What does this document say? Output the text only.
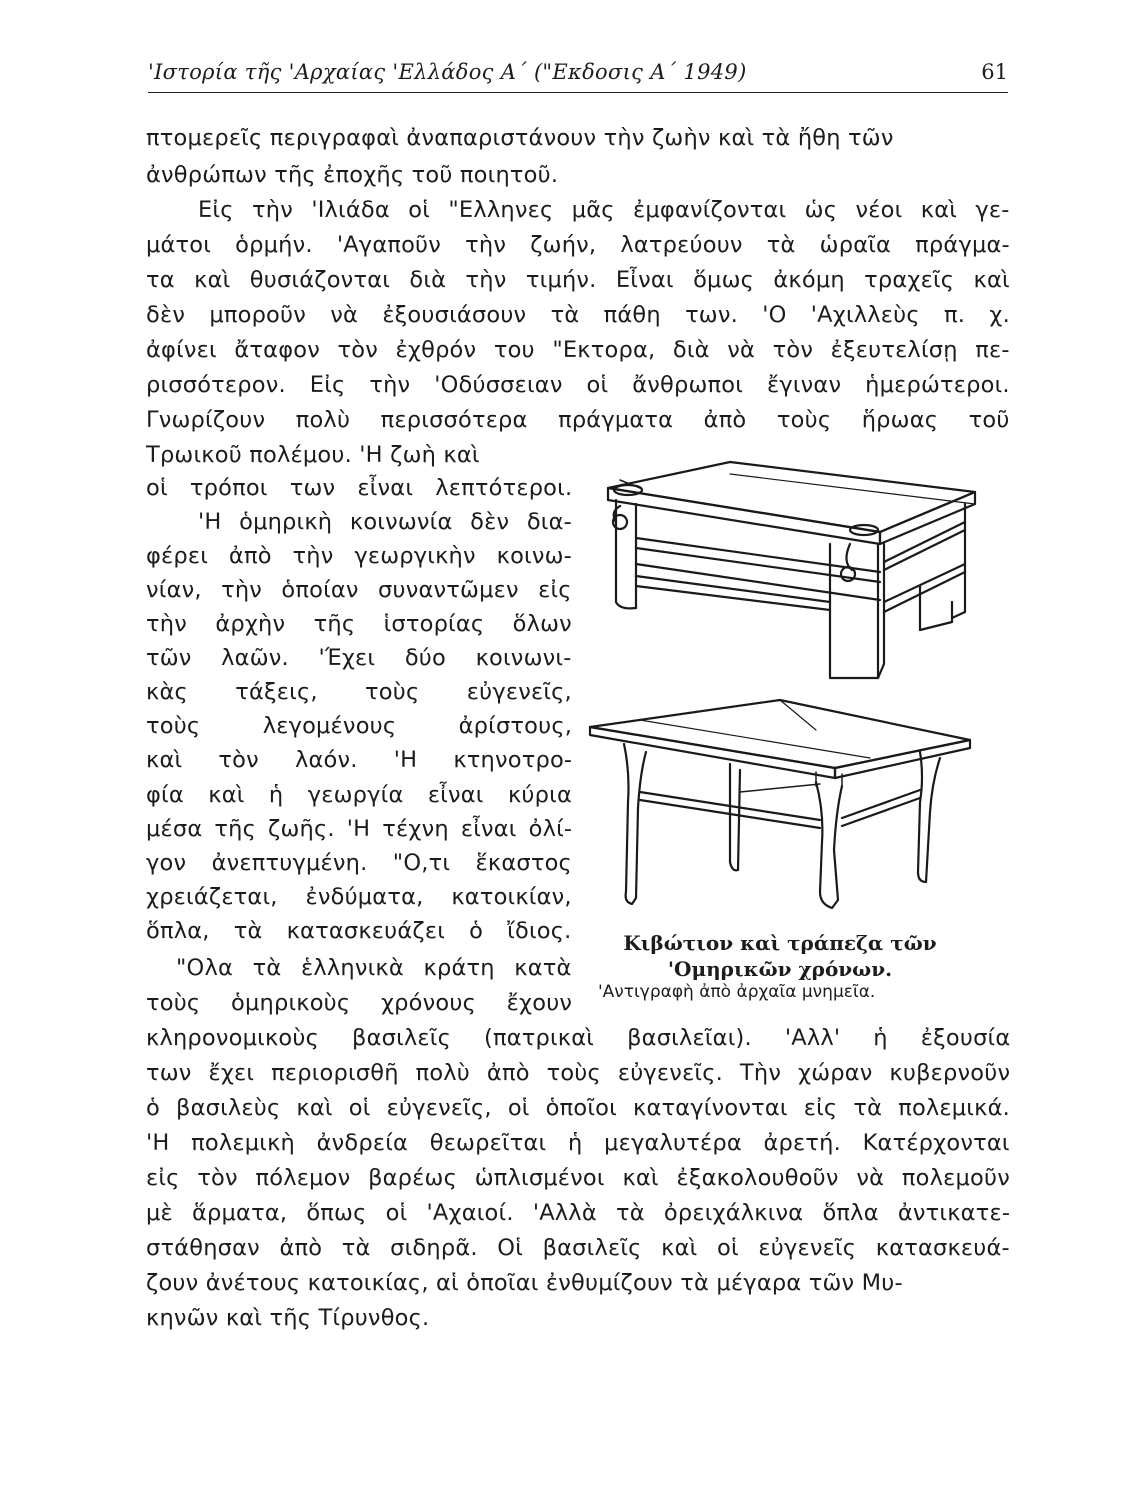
'Ιστορία τῆς 'Αρχαίας 'Ελλάδος Α΄ ("Εκδοσις Α΄ 1949)	61
πτομερεῖς περιγραφαὶ ἀναπαριστάνουν τὴν ζωὴν καὶ τὰ ἤθη τῶν
ἀνθρώπων τῆς ἐποχῆς τοῦ ποιητοῦ.
Εἰς τὴν 'Ιλιάδα οἱ "Ελληνες μᾶς ἐμφανίζονται ὡς νέοι καὶ γε-
μάτοι ὁρμήν. 'Αγαποῦν τὴν ζωήν, λατρεύουν τὰ ὡραῖα πράγμα-
τα καὶ θυσιάζονται διὰ τὴν τιμήν. Εἶναι ὅμως ἀκόμη τραχεῖς καὶ
δὲν μποροῦν νὰ ἐξουσιάσουν τὰ πάθη των. 'Ο 'Αχιλλεὺς π. χ.
ἀφίνει ἄταφον τὸν ἐχθρόν του "Εκτορα, διὰ νὰ τὸν ἐξευτελίσῃ πε-
ρισσότερον. Εἰς τὴν 'Οδύσσειαν οἱ ἄνθρωποι ἔγιναν ἡμερώτεροι.
Γνωρίζουν πολὺ περισσότερα πράγματα ἀπὸ τοὺς ἥρωας τοῦ
Τρωικοῦ πολέμου. 'Η ζωὴ καὶ
οἱ τρόποι των εἶναι λεπτότεροι.
'Η ὁμηρικὴ κοινωνία δὲν δια-
φέρει ἀπὸ τὴν γεωργικὴν κοινω-
νίαν, τὴν ὁποίαν συναντῶμεν εἰς
τὴν ἀρχὴν τῆς ἱστορίας ὅλων
τῶν λαῶν. 'Έχει δύο κοινωνι-
κὰς τάξεις, τοὺς εὐγενεῖς,
τοὺς λεγομένους ἀρίστους,
καὶ τὸν λαόν. 'Η κτηνοτρο-
φία καὶ ἡ γεωργία εἶναι κύρια
μέσα τῆς ζωῆς. 'Η τέχνη εἶναι ὀλί-
γον ἀνεπτυγμένη. "Ο,τι ἕκαστος
χρειάζεται, ἐνδύματα, κατοικίαν,
ὅπλα, τὰ κατασκευάζει ὁ ἴδιος.
"Ολα τὰ ἑλληνικὰ κράτη κατὰ
τοὺς ὁμηρικοὺς χρόνους ἔχουν
κληρονομικοὺς βασιλεῖς (πατρικαὶ βασιλεῖαι). 'Αλλ' ἡ ἐξουσία
των ἔχει περιορισθῆ πολὺ ἀπὸ τοὺς εὐγενεῖς. Τὴν χώραν κυβερνοῦν
ὁ βασιλεὺς καὶ οἱ εὐγενεῖς, οἱ ὁποῖοι καταγίνονται εἰς τὰ πολεμικά.
'Η πολεμικὴ ἀνδρεία θεωρεῖται ἡ μεγαλυτέρα ἀρετή. Κατέρχονται
εἰς τὸν πόλεμον βαρέως ὡπλισμένοι καὶ ἐξακολουθοῦν νὰ πολεμοῦν
μὲ ἅρματα, ὅπως οἱ 'Αχαιοί. 'Αλλὰ τὰ ὀρειχάλκινα ὅπλα ἀντικατε-
στάθησαν ἀπὸ τὰ σιδηρᾶ. Οἱ βασιλεῖς καὶ οἱ εὐγενεῖς κατασκευά-
ζουν ἀνέτους κατοικίας, αἱ ὁποῖαι ἐνθυμίζουν τὰ μέγαρα τῶν Μυ-
κηνῶν καὶ τῆς Τίρυνθος.
Κιβώτιον καὶ τράπεζα τῶν
'Ομηρικῶν χρόνων.
'Αντιγραφὴ ἀπὸ ἀρχαῖα μνημεῖα.
